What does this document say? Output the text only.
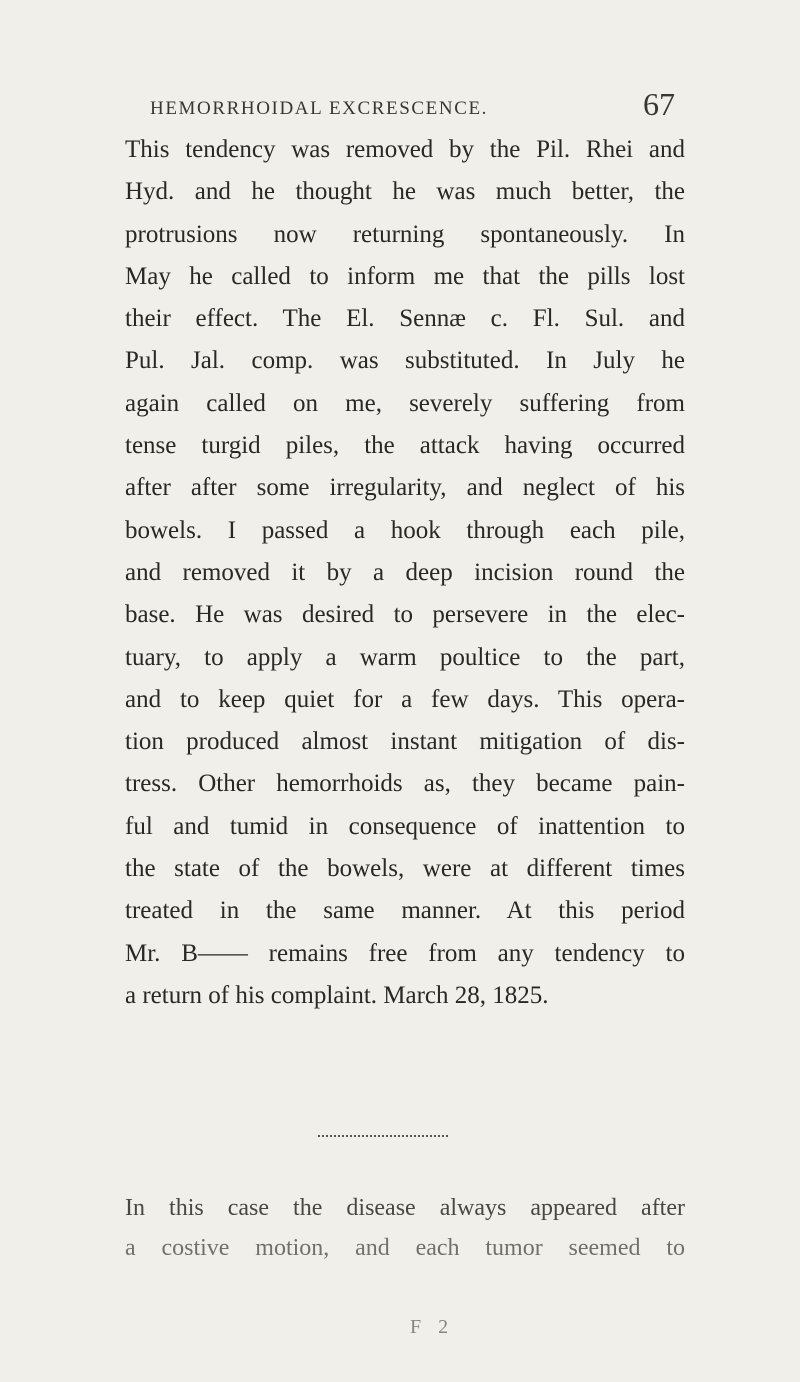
HEMORRHOIDAL EXCRESCENCE.	67
This tendency was removed by the Pil. Rhei and
Hyd. and he thought he was much better, the
protrusions now returning spontaneously. In
May he called to inform me that the pills lost
their effect. The El. Sennæ c. Fl. Sul. and
Pul. Jal. comp. was substituted. In July he
again called on me, severely suffering from
tense turgid piles, the attack having occurred
after after some irregularity, and neglect of his
bowels. I passed a hook through each pile,
and removed it by a deep incision round the
base. He was desired to persevere in the elec-
tuary, to apply a warm poultice to the part,
and to keep quiet for a few days. This opera-
tion produced almost instant mitigation of dis-
tress. Other hemorrhoids as, they became pain-
ful and tumid in consequence of inattention to
the state of the bowels, were at different times
treated in the same manner. At this period
Mr. B—— remains free from any tendency to
a return of his complaint. March 28, 1825.
In this case the disease always appeared after
a costive motion, and each tumor seemed to
F 2
